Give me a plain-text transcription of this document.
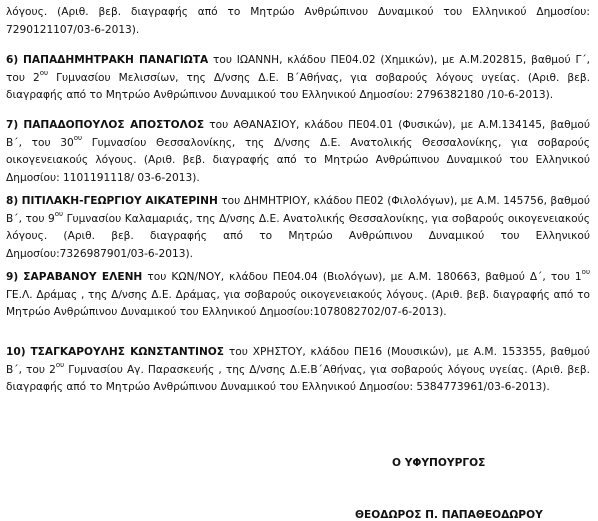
λόγους. (Αριθ. βεβ. διαγραφής από το Μητρώο Ανθρώπινου Δυναμικού του Ελληνικού Δημοσίου: 7290121107/03-6-2013).

6) ΠΑΠΑΔΗΜΗΤΡΑΚΗ ΠΑΝΑΓΙΩΤΑ του ΙΩΑΝΝΗ, κλάδου ΠΕ04.02 (Χημικών), με Α.Μ.202815, βαθμού Γ΄, του $2^{o\upsilon}$ Γυμνασίου Μελισσίων, της Δ/νσης Δ.Ε. Β΄Αθήνας, για σοβαρούς λόγους υγείας. (Αριθ. βεβ. διαγραφής από το Μητρώο Ανθρώπινου Δυναμικού του Ελληνικού Δημοσίου: 2796382180 /10-6-2013).

7) ΠΑΠΑΔΟΠΟΥΛΟΣ ΑΠΟΣΤΟΛΟΣ του ΑΘΑΝΑΣΙΟΥ, κλάδου ΠΕ04.01 (Φυσικών), με Α.Μ.134145, βαθμού Β΄, του $30^{o\upsilon}$ Γυμνασίου Θεσσαλονίκης, της Δ/νσης Δ.Ε. Ανατολικής Θεσσαλονίκης, για σοβαρούς οικογενειακούς λόγους. (Αριθ. βεβ. διαγραφής από το Μητρώο Ανθρώπινου Δυναμικού του Ελληνικού Δημοσίου: 1101191118/ 03-6-2013).

8) ΠΙΤΙΛΑΚΗ-ΓΕΩΡΓΙΟΥ ΑΙΚΑΤΕΡΙΝΗ του ΔΗΜΗΤΡΙΟΥ, κλάδου ΠΕ02 (Φιλολόγων), με Α.Μ. 145756, βαθμού Β΄, του $9^{o\upsilon}$ Γυμνασίου Καλαμαριάς, της Δ/νσης Δ.Ε. Ανατολικής Θεσσαλονίκης, για σοβαρούς οικογενειακούς λόγους. (Αριθ. βεβ. διαγραφής από το Μητρώο Ανθρώπινου Δυναμικού του Ελληνικού Δημοσίου:7326987901/03-6-2013).

9) ΣΑΡΑΒΑΝΟΥ ΕΛΕΝΗ του ΚΩΝ/ΝΟΥ, κλάδου ΠΕ04.04 (Βιολόγων), με Α.Μ. 180663, βαθμού Δ΄, του $1^{o\upsilon}$ ΓΕ.Λ. Δράμας , της Δ/νσης Δ.Ε. Δράμας, για σοβαρούς οικογενειακούς λόγους. (Αριθ. βεβ. διαγραφής από το Μητρώο Ανθρώπινου Δυναμικού του Ελληνικού Δημοσίου:1078082702/07-6-2013).

10) ΤΣΑΓΚΑΡΟΥΛΗΣ ΚΩΝΣΤΑΝΤΙΝΟΣ του ΧΡΗΣΤΟΥ, κλάδου ΠΕ16 (Μουσικών), με Α.Μ. 153355, βαθμού Β΄, του $2^{o\upsilon}$ Γυμνασίου Αγ. Παρασκευής , της Δ/νσης Δ.Ε.Β΄Αθήνας, για σοβαρούς λόγους υγείας. (Αριθ. βεβ. διαγραφής από το Μητρώο Ανθρώπινου Δυναμικού του Ελληνικού Δημοσίου: 5384773961/03-6-2013).

Ο ΥΦΥΠΟΥΡΓΟΣ
ΘΕΟΔΩΡΟΣ Π. ΠΑΠΑΘΕΟΔΩΡΟΥ
